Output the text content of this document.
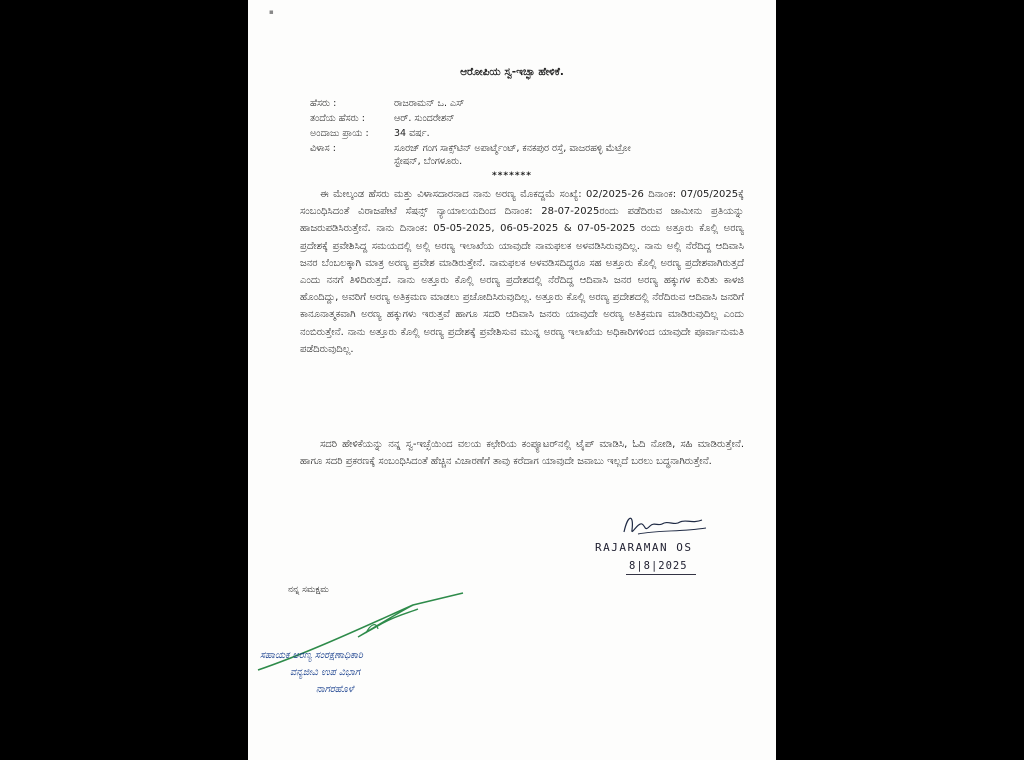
▪
ಆರೋಪಿಯ ಸ್ವ-ಇಚ್ಛಾ ಹೇಳಿಕೆ.
ಹೆಸರು :	ರಾಜರಾಮನ್ ಒ. ಎಸ್
ತಂದೆಯ ಹೆಸರು :	ಆರ್. ಸುಂದರೇಶನ್
ಅಂದಾಜು ಪ್ರಾಯ :	34 ವರ್ಷ.
ವಿಳಾಸ :	ಸೂರಜ್ ಗಂಗ ಸಾಕ್ಸ್‌ಟಿನ್ ಅಪಾರ್ಟ್ಮೆಂಟ್, ಕನಕಪುರ ರಸ್ತೆ, ವಾಜರಹಳ್ಳಿ ಮೆಟ್ರೋ
ಸ್ಟೇಷನ್, ಬೆಂಗಳೂರು.
*******

ಈ ಮೇಲ್ಕಂಡ ಹೆಸರು ಮತ್ತು ವಿಳಾಸದಾರನಾದ ನಾನು ಅರಣ್ಯ ಮೊಕದ್ದಮೆ ಸಂಖ್ಯೆ: 02/2025-26 ದಿನಾಂಕ: 07/05/2025ಕ್ಕೆ ಸಂಬಂಧಿಸಿದಂತೆ ವಿರಾಜಪೇಟೆ ಸೆಷನ್ಸ್ ನ್ಯಾಯಾಲಯದಿಂದ ದಿನಾಂಕ: 28-07-2025ರಂದು ಪಡೆದಿರುವ ಜಾಮೀನು ಪ್ರತಿಯನ್ನು ಹಾಜರುಪಡಿಸಿರುತ್ತೇನೆ. ನಾನು ದಿನಾಂಕ: 05-05-2025, 06-05-2025 & 07-05-2025 ರಂದು ಅತ್ತೂರು ಕೊಲ್ಲಿ ಅರಣ್ಯ ಪ್ರದೇಶಕ್ಕೆ ಪ್ರವೇಶಿಸಿದ್ದ ಸಮಯದಲ್ಲಿ ಅಲ್ಲಿ ಅರಣ್ಯ ಇಲಾಖೆಯ ಯಾವುದೇ ನಾಮಫಲಕ ಅಳವಡಿಸಿರುವುದಿಲ್ಲ. ನಾನು ಅಲ್ಲಿ ನೆರೆದಿದ್ದ ಆದಿವಾಸಿ ಜನರ ಬೆಂಬಲಕ್ಕಾಗಿ ಮಾತ್ರ ಅರಣ್ಯ ಪ್ರವೇಶ ಮಾಡಿರುತ್ತೇನೆ. ನಾಮಫಲಕ ಅಳವಡಿಸದಿದ್ದರೂ ಸಹ ಅತ್ತೂರು ಕೊಲ್ಲಿ ಅರಣ್ಯ ಪ್ರದೇಶವಾಗಿರುತ್ತದೆ ಎಂದು ನನಗೆ ತಿಳಿದಿರುತ್ತದೆ. ನಾನು ಅತ್ತೂರು ಕೊಲ್ಲಿ ಅರಣ್ಯ ಪ್ರದೇಶದಲ್ಲಿ ನೆರೆದಿದ್ದ ಆದಿವಾಸಿ ಜನರ ಅರಣ್ಯ ಹಕ್ಕುಗಳ ಕುರಿತು ಕಾಳಜಿ ಹೊಂದಿದ್ದು, ಅವರಿಗೆ ಅರಣ್ಯ ಅತಿಕ್ರಮಣ ಮಾಡಲು ಪ್ರಚೋದಿಸಿರುವುದಿಲ್ಲ. ಅತ್ತೂರು ಕೊಲ್ಲಿ ಅರಣ್ಯ ಪ್ರದೇಶದಲ್ಲಿ ನೆರೆದಿರುವ ಆದಿವಾಸಿ ಜನರಿಗೆ ಕಾನೂನಾತ್ಮಕವಾಗಿ ಅರಣ್ಯ ಹಕ್ಕುಗಳು ಇರುತ್ತವೆ ಹಾಗೂ ಸದರಿ ಆದಿವಾಸಿ ಜನರು ಯಾವುದೇ ಅರಣ್ಯ ಅತಿಕ್ರಮಣ ಮಾಡಿರುವುದಿಲ್ಲ ಎಂದು ನಂಬಿರುತ್ತೇನೆ. ನಾನು ಅತ್ತೂರು ಕೊಲ್ಲಿ ಅರಣ್ಯ ಪ್ರದೇಶಕ್ಕೆ ಪ್ರವೇಶಿಸುವ ಮುನ್ನ ಅರಣ್ಯ ಇಲಾಖೆಯ ಅಧಿಕಾರಿಗಳಿಂದ ಯಾವುದೇ ಪೂರ್ವಾನುಮತಿ ಪಡೆದಿರುವುದಿಲ್ಲ.

ಸದರಿ ಹೇಳಿಕೆಯನ್ನು ನನ್ನ ಸ್ವ-ಇಚ್ಛೆಯಿಂದ ವಲಯ ಕಛೇರಿಯ ಕಂಪ್ಯೂಟರ್‌ನಲ್ಲಿ ಟೈಪ್ ಮಾಡಿಸಿ, ಓದಿ ನೋಡಿ, ಸಹಿ ಮಾಡಿರುತ್ತೇನೆ. ಹಾಗೂ ಸದರಿ ಪ್ರಕರಣಕ್ಕೆ ಸಂಬಂಧಿಸಿದಂತೆ ಹೆಚ್ಚಿನ ವಿಚಾರಣೆಗೆ ತಾವು ಕರೆದಾಗ ಯಾವುದೇ ಜವಾಬು ಇಲ್ಲದೆ ಬರಲು ಬದ್ಧನಾಗಿರುತ್ತೇನೆ.

RAJARAMAN OS
8|8|2025
ನನ್ನ ಸಮಕ್ಷಮ
ಸಹಾಯಕ ಅರಣ್ಯ ಸಂರಕ್ಷಣಾಧಿಕಾರಿ
ವನ್ಯಜೀವಿ ಉಪ ವಿಭಾಗ
ನಾಗರಹೊಳೆ
